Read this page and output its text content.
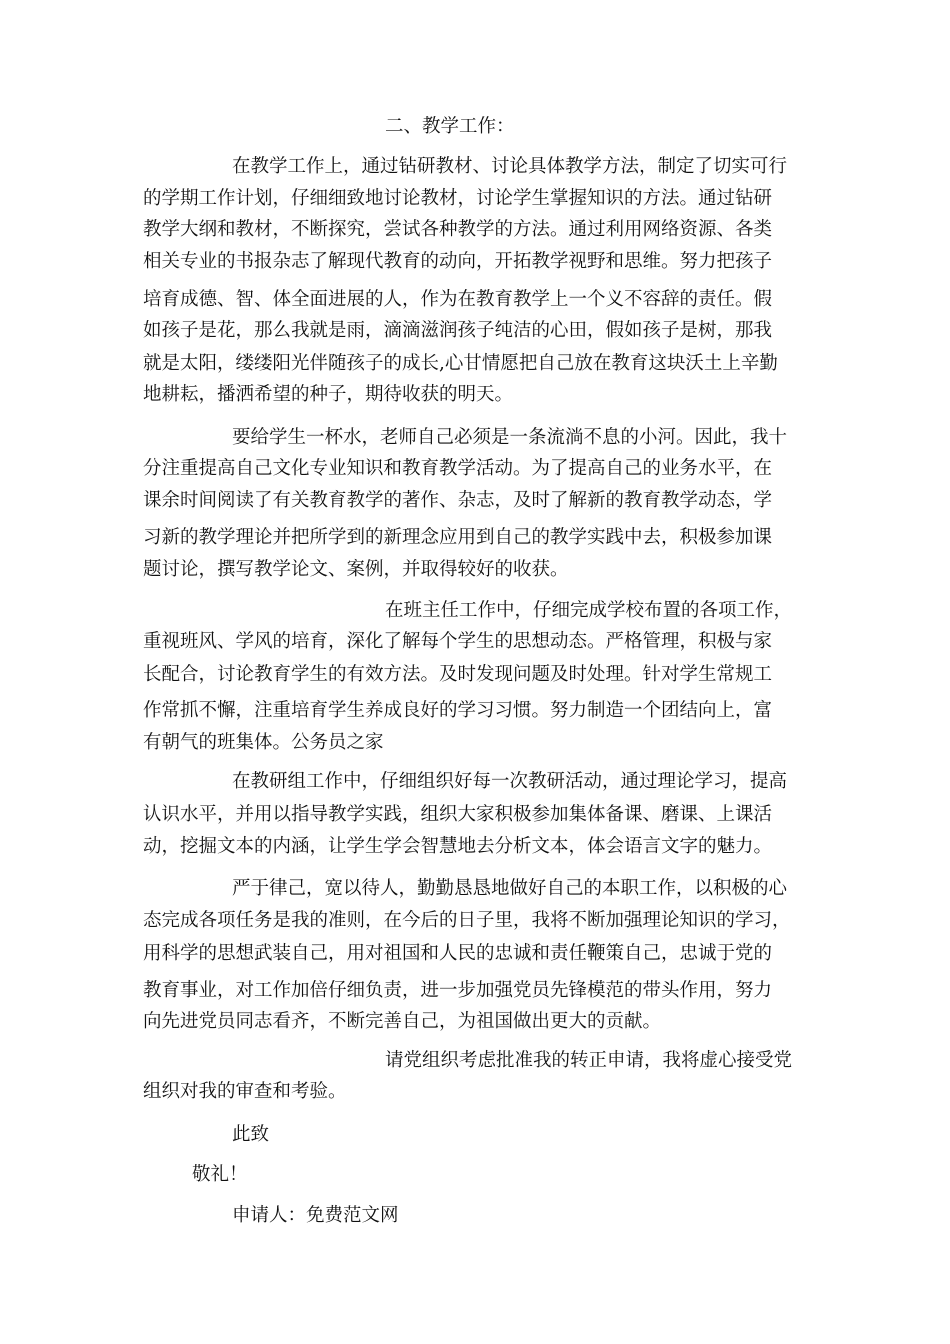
二、教学工作：
在教学工作上，通过钻研教材、讨论具体教学方法，制定了切实可行
的学期工作计划，仔细细致地讨论教材，讨论学生掌握知识的方法。通过钻研
教学大纲和教材，不断探究，尝试各种教学的方法。通过利用网络资源、各类
相关专业的书报杂志了解现代教育的动向，开拓教学视野和思维。努力把孩子
培育成德、智、体全面进展的人，作为在教育教学上一个义不容辞的责任。假
如孩子是花，那么我就是雨，滴滴滋润孩子纯洁的心田，假如孩子是树，那我
就是太阳，缕缕阳光伴随孩子的成长,心甘情愿把自己放在教育这块沃土上辛勤
地耕耘，播洒希望的种子，期待收获的明天。
要给学生一杯水，老师自己必须是一条流淌不息的小河。因此，我十
分注重提高自己文化专业知识和教育教学活动。为了提高自己的业务水平，在
课余时间阅读了有关教育教学的著作、杂志，及时了解新的教育教学动态，学
习新的教学理论并把所学到的新理念应用到自己的教学实践中去，积极参加课
题讨论，撰写教学论文、案例，并取得较好的收获。
在班主任工作中，仔细完成学校布置的各项工作，
重视班风、学风的培育，深化了解每个学生的思想动态。严格管理，积极与家
长配合，讨论教育学生的有效方法。及时发现问题及时处理。针对学生常规工
作常抓不懈，注重培育学生养成良好的学习习惯。努力制造一个团结向上，富
有朝气的班集体。公务员之家
在教研组工作中，仔细组织好每一次教研活动，通过理论学习，提高
认识水平，并用以指导教学实践，组织大家积极参加集体备课、磨课、上课活
动，挖掘文本的内涵，让学生学会智慧地去分析文本，体会语言文字的魅力。
严于律己，宽以待人，勤勤恳恳地做好自己的本职工作，以积极的心
态完成各项任务是我的准则，在今后的日子里，我将不断加强理论知识的学习，
用科学的思想武装自己，用对祖国和人民的忠诚和责任鞭策自己，忠诚于党的
教育事业，对工作加倍仔细负责，进一步加强党员先锋模范的带头作用，努力
向先进党员同志看齐，不断完善自己，为祖国做出更大的贡献。
请党组织考虑批准我的转正申请，我将虚心接受党
组织对我的审查和考验。
此致
敬礼！
申请人：免费范文网
